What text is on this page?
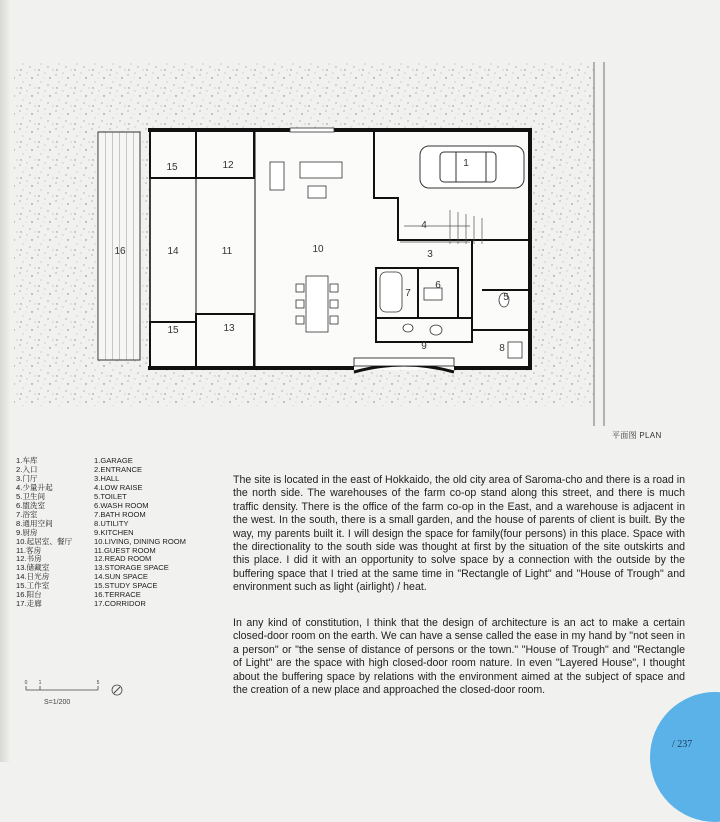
1
12
3
4
5
6
7
8
9
10
11
14
13
15
15
16
平面图 PLAN
1.车库
2.入口
3.门厅
4.少量升起
5.卫生间
6.盥洗室
7.浴室
8.通用空间
9.厨房
10.起居室、餐厅
11.客房
12.书房
13.储藏室
14.日光房
15.工作室
16.阳台
17.走廊
1.GARAGE
2.ENTRANCE
3.HALL
4.LOW RAISE
5.TOILET
6.WASH ROOM
7.BATH ROOM
8.UTILITY
9.KITCHEN
10.LIVING, DINING ROOM
11.GUEST ROOM
12.READ ROOM
13.STORAGE SPACE
14.SUN SPACE
15.STUDY SPACE
16.TERRACE
17.CORRIDOR

The site is located in the east of Hokkaido, the old city area of Saroma-cho and there is a road in the north side. The warehouses of the farm co-op stand along this street, and there is much traffic density. There is the office of the farm co-op in the East, and a warehouse is adjacent in the west. In the south, there is a small garden, and the house of parents of client is built. By the way, my parents built it. I will design the space for family(four persons) in this place. Space with the directionality to the south side was thought at first by the situation of the site outskirts and this place. I did it with an opportunity to solve space by a connection with the outside by the buffering space that I tried at the same time in "Rectangle of Light" and "House of Trough" and environment such as light (airlight) / heat.

In any kind of constitution, I think that the design of architecture is an act to make a certain closed-door room on the earth. We can have a sense called the ease in my hand by "not seen in a person" or "the sense of distance of persons or the town." "House of Trough" and "Rectangle of Light" are the space with high closed-door room nature. In even "Layered House", I thought about the buffering space by relations with the environment aimed at the subject of space and the creation of a new place and approached the closed-door room.

0 1	5
S=1/200
/ 237
